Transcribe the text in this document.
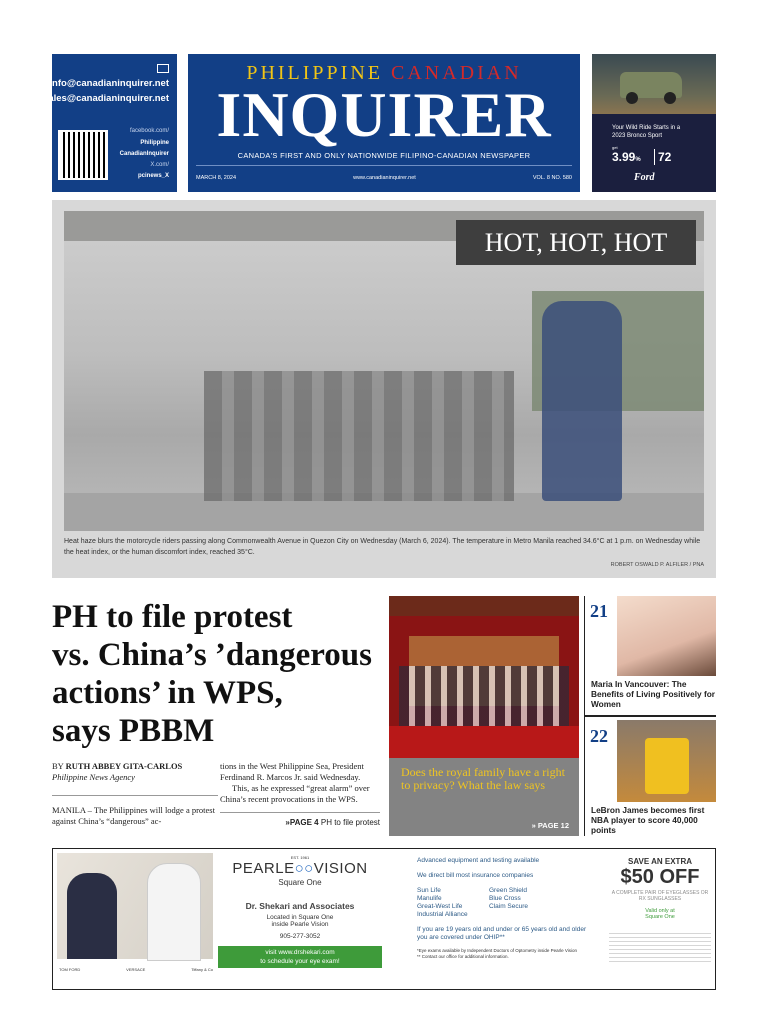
info@canadianinquirer.net
sales@canadianinquirer.net
facebook.com/
Philippine
CanadianInquirer
X.com/
pcinews_X
PHILIPPINE CANADIAN
INQUIRER
CANADA'S FIRST AND ONLY NATIONWIDE FILIPINO-CANADIAN NEWSPAPER
MARCH 8, 2024	www.canadianinquirer.net	VOL. 8 NO. 580
Your Wild Ride Starts in a
2023 Bronco Sport
get
3.99% 72
Ford
HOT, HOT, HOT
Heat haze blurs the motorcycle riders passing along Commonwealth Avenue in Quezon City on Wednesday (March 6, 2024). The temperature in Metro Manila reached 34.6°C at 1 p.m. on Wednesday while the heat index, or the human discomfort index, reached 35°C.
ROBERT OSWALD P. ALFILER / PNA
PH to file protest
vs. China’s ’dangerous
actions’ in WPS,
says PBBM
BY RUTH ABBEY GITA-CARLOS
Philippine News Agency
MANILA – The Philippines will lodge a protest against China’s “dangerous” ac-
tions in the West Philippine Sea, President Ferdinand R. Marcos Jr. said Wednesday.
This, as he expressed “great alarm” over China’s recent provocations in the WPS.
»PAGE 4 PH to file protest
Does the royal family have a right to privacy? What the law says
» PAGE 12
21
Maria In Vancouver: The Benefits of Living Positively for Women
22
LeBron James becomes first NBA player to score 40,000 points
TOM FORD	VERSACE	Tiffany & Co
EST. 1961
PEARLE○○VISION
Square One
Dr. Shekari and Associates
Located in Square One
inside Pearle Vision
905-277-3052
visit www.drshekari.com
to schedule your eye exam!
Advanced equipment and testing available
We direct bill most insurance companies
Sun Life
Manulife
Great-West Life
Industrial Alliance
Green Shield
Blue Cross
Claim Secure
If you are 19 years old and under or 65 years old and older you are covered under OHIP**
*Eye exams available by Independent Doctors of Optometry inside Pearle Vision
** Contact our office for additional information.
SAVE AN EXTRA
$50 OFF
A COMPLETE PAIR OF EYEGLASSES OR RX SUNGLASSES
Valid only at
Square One
